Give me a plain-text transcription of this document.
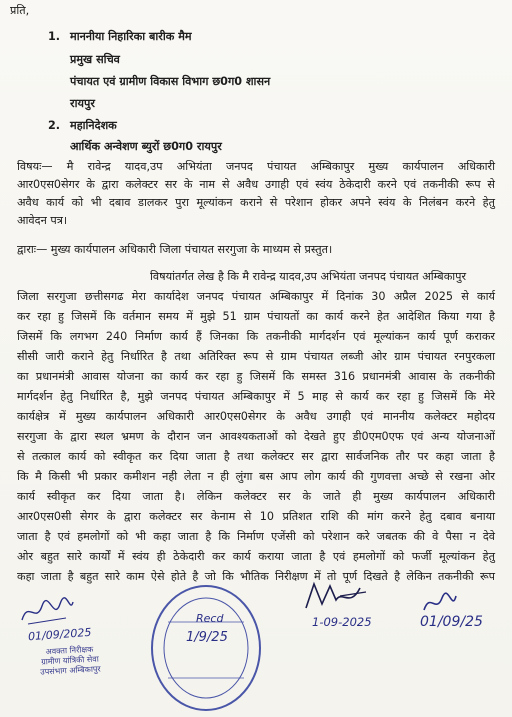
प्रति,
1. माननीया निहारिका बारीक मैम
प्रमुख सचिव
पंचायत एवं ग्रामीण विकास विभाग छ0ग0 शासन
रायपुर
2. महानिदेशक
आर्थिक अन्वेशण ब्युरों छ0ग0 रायपुर
विषयः— मै रावेन्द्र यादव,उप अभियंता जनपद पंचायत अम्बिकापुर मुख्य कार्यपालन अधिकारी
आर0एस0सेगर के द्वारा कलेक्टर सर के नाम से अवैध उगाही एवं स्वंय ठेकेदारी करने एवं तकनीकी रूप से
अवैध कार्य को भी दबाव डालकर पुरा मूल्यांकन कराने से परेशान होकर अपने स्वंय के निलंबन करने हेतु
आवेदन पत्र।
द्वाराः— मुख्य कार्यपालन अधिकारी जिला पंचायत सरगुजा के माध्यम से प्रस्तुत।
विषयांतर्गत लेख है कि मै रावेन्द्र यादव,उप अभियंता जनपद पंचायत अम्बिकापुर
जिला सरगुजा छत्तीसगढ मेरा कार्यादेश जनपद पंचायत अम्बिकापुर में दिनांक 30 अप्रैल 2025 से कार्य
कर रहा हु जिसमें कि वर्तमान समय में मुझे 51 ग्राम पंचायतों का कार्य करने हेत आदेशित किया गया है
जिसमें कि लगभग 240 निर्माण कार्य हैं जिनका कि तकनीकी मार्गदर्शन एवं मूल्यांकन कार्य पूर्ण कराकर
सीसी जारी कराने हेतु निर्धारित है तथा अतिरिक्त रूप से ग्राम पंचायत लब्जी ओर ग्राम पंचायत रनपुरकला
का प्रधानमंत्री आवास योजना का कार्य कर रहा हु जिसमें कि समस्त 316 प्रधानमंत्री आवास के तकनीकी
मार्गदर्शन हेतु निर्धारित है, मुझे जनपद पंचायत अम्बिकापुर में 5 माह से कार्य कर रहा हु जिसमें कि मेरे
कार्यक्षेत्र में मुख्य कार्यपालन अधिकारी आर0एस0सेगर के अवैध उगाही एवं माननीय कलेक्टर महोदय
सरगुजा के द्वारा स्थल भ्रमण के दौरान जन आवश्यकताओं को देखते हुए डी0एम0एफ एवं अन्य योजनाओं
से तत्काल कार्य को स्वीकृत कर दिया जाता है तथा कलेक्टर सर द्वारा सार्वजनिक तौर पर कहा जाता है
कि मै किसी भी प्रकार कमीशन नही लेता न ही लुंगा बस आप लोग कार्य की गुणवत्ता अच्छे से रखना ओर
कार्य स्वीकृत कर दिया जाता है। लेकिन कलेक्टर सर के जाते ही मुख्य कार्यपालन अधिकारी
आर0एस0सी सेगर के द्वारा कलेक्टर सर केनाम से 10 प्रतिशत राशि की मांग करने हेतु दबाव बनाया
जाता है एवं हमलोगों को भी कहा जाता है कि निर्माण एजेंसी को परेशान करे जबतक की वे पैसा न देवे
ओर बहुत सारे कार्यों में स्वंय ही ठेकेदारी कर कार्य कराया जाता है एवं हमलोगों को फर्जी मूल्यांकन हेतु
कहा जाता है बहुत सारे काम ऐसे होते है जो कि भौतिक निरीक्षण में तो पूर्ण दिखते है लेकिन तकनीकी रूप
01/09/2025
अवक्ता निरीक्षक
ग्रामीण यांत्रिकी सेवा
उपसंभाग अम्बिकापुर
Recd
1/9/25
1-09-2025	01/09/25
